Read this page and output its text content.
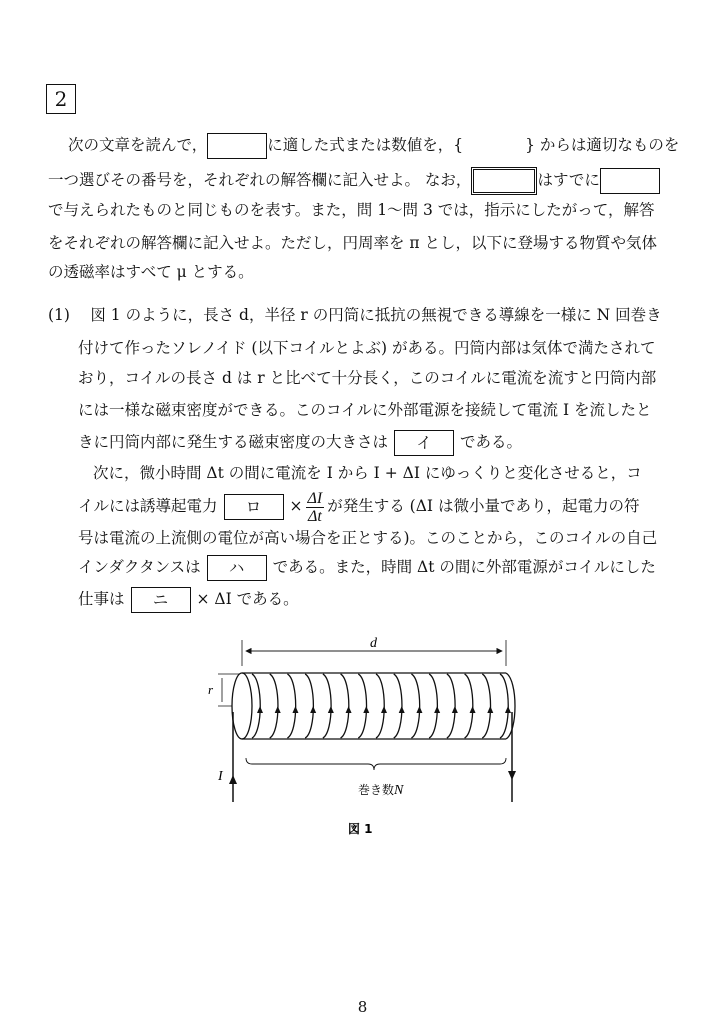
2
次の文章を読んで，	に適した式または数値を，{	} からは適切なものを
一つ選びその番号を，それぞれの解答欄に記入せよ。 なお，	はすでに
で与えられたものと同じものを表す。また，問 1〜問 3 では，指示にしたがって，解答
をそれぞれの解答欄に記入せよ。ただし，円周率を π とし，以下に登場する物質や気体
の透磁率はすべて μ とする。
(1)　 図 1 のように，長さ d，半径 r の円筒に抵抗の無視できる導線を一様に N 回巻き
付けて作ったソレノイド (以下コイルとよぶ) がある。円筒内部は気体で満たされて
おり，コイルの長さ d は r と比べて十分長く，このコイルに電流を流すと円筒内部
には一様な磁束密度ができる。このコイルに外部電源を接続して電流 I を流したと
きに円筒内部に発生する磁束密度の大きさは イ である。
次に，微小時間 Δt の間に電流を I から I + ΔI にゆっくりと変化させると，コ
イルには誘導起電力 ロ × $\frac{\Delta I}{\Delta t}$ が発生する (ΔI は微小量であり，起電力の符
号は電流の上流側の電位が高い場合を正とする)。このことから，このコイルの自己
インダクタンスは ハ である。また，時間 Δt の間に外部電源がコイルにした
仕事は ニ × ΔI である。
d
r
I
巻き数N
図 1
8
